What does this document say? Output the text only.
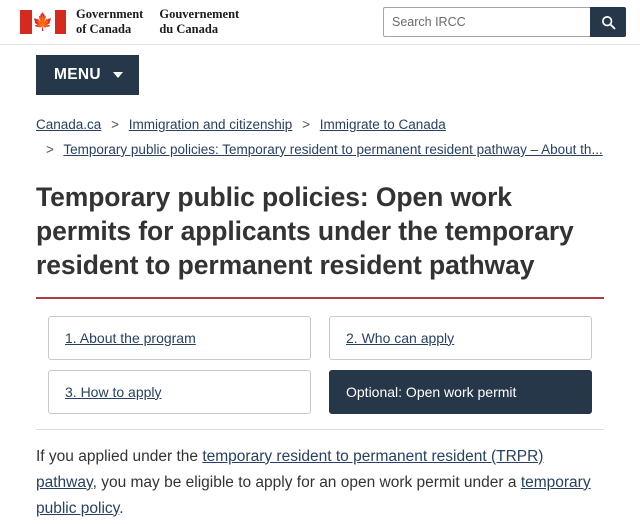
🍁 Government
of Canada
Gouvernement
du Canada
Search IRCC
MENU
Canada.ca > Immigration and citizenship > Immigrate to Canada
> Temporary public policies: Temporary resident to permanent resident pathway – About th...
Temporary public policies: Open work permits for applicants under the temporary resident to permanent resident pathway
1. About the program	2. Who can apply
3. How to apply	Optional: Open work permit

If you applied under the temporary resident to permanent resident (TRPR) pathway, you may be eligible to apply for an open work permit under a temporary public policy.
